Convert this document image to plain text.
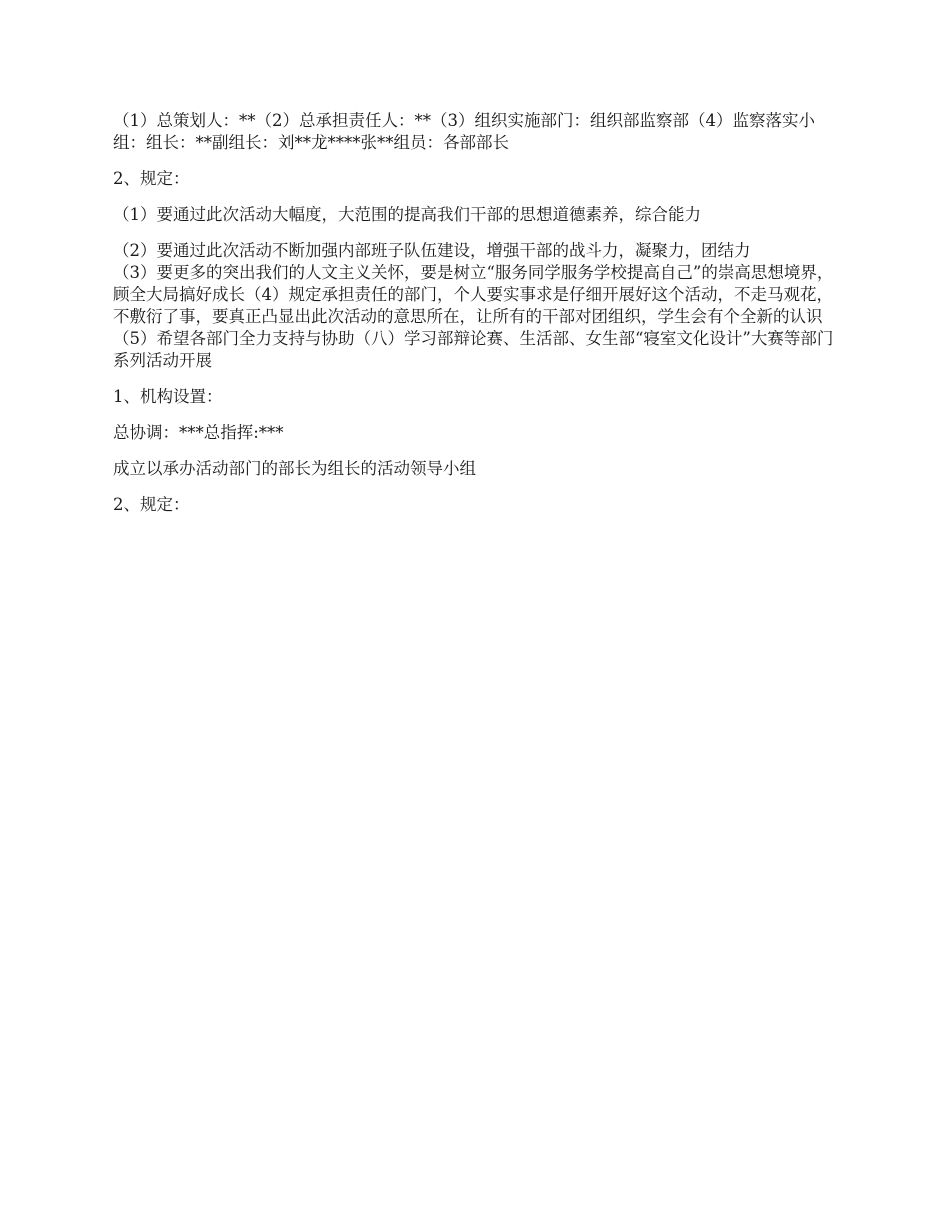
（1）总策划人：**（2）总承担责任人：**（3）组织实施部门：组织部监察部（4）监察落实小组：组长：**副组长：刘**龙****张**组员：各部部长

2、规定：

（1）要通过此次活动大幅度，大范围的提高我们干部的思想道德素养，综合能力

（2）要通过此次活动不断加强内部班子队伍建设，增强干部的战斗力，凝聚力，团结力

（3）要更多的突出我们的人文主义关怀，要是树立“服务同学服务学校提高自己”的崇高思想境界，顾全大局搞好成长（4）规定承担责任的部门，个人要实事求是仔细开展好这个活动，不走马观花，不敷衍了事，要真正凸显出此次活动的意思所在，让所有的干部对团组织，学生会有个全新的认识（5）希望各部门全力支持与协助（八）学习部辩论赛、生活部、女生部“寝室文化设计”大赛等部门系列活动开展

1、机构设置：

总协调：***总指挥:***

成立以承办活动部门的部长为组长的活动领导小组

2、规定：
